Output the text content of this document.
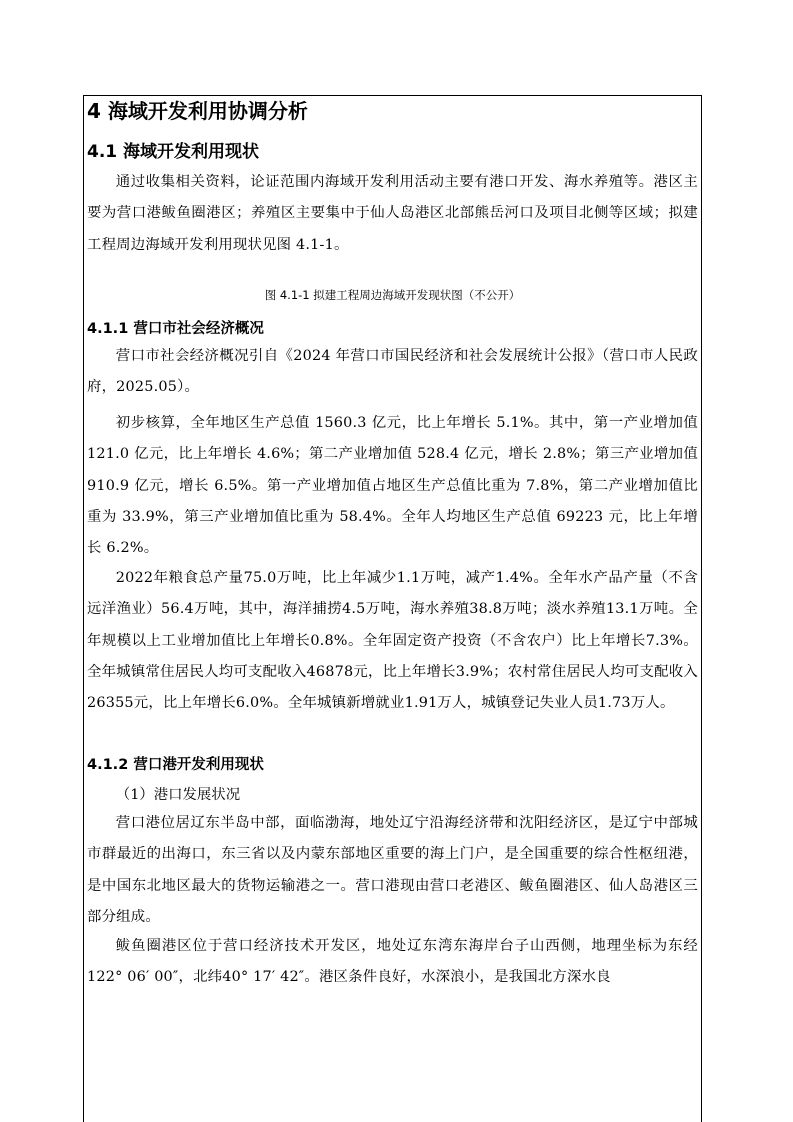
4 海域开发利用协调分析
4.1 海域开发利用现状

通过收集相关资料，论证范围内海域开发利用活动主要有港口开发、海水养殖等。港区主要为营口港鲅鱼圈港区；养殖区主要集中于仙人岛港区北部熊岳河口及项目北侧等区域；拟建工程周边海域开发利用现状见图 4.1-1。

图 4.1-1 拟建工程周边海域开发现状图（不公开）
4.1.1 营口市社会经济概况

营口市社会经济概况引自《2024 年营口市国民经济和社会发展统计公报》（营口市人民政府，2025.05）。

初步核算，全年地区生产总值 1560.3 亿元，比上年增长 5.1%。其中，第一产业增加值 121.0 亿元，比上年增长 4.6%；第二产业增加值 528.4 亿元，增长 2.8%；第三产业增加值 910.9 亿元，增长 6.5%。第一产业增加值占地区生产总值比重为 7.8%，第二产业增加值比重为 33.9%，第三产业增加值比重为 58.4%。全年人均地区生产总值 69223 元，比上年增长 6.2%。

2022年粮食总产量75.0万吨，比上年减少1.1万吨，减产1.4%。全年水产品产量（不含远洋渔业）56.4万吨，其中，海洋捕捞4.5万吨，海水养殖38.8万吨；淡水养殖13.1万吨。全年规模以上工业增加值比上年增长0.8%。全年固定资产投资（不含农户）比上年增长7.3%。全年城镇常住居民人均可支配收入46878元，比上年增长3.9%；农村常住居民人均可支配收入26355元，比上年增长6.0%。全年城镇新增就业1.91万人，城镇登记失业人员1.73万人。

4.1.2 营口港开发利用现状
（1）港口发展状况

营口港位居辽东半岛中部，面临渤海，地处辽宁沿海经济带和沈阳经济区，是辽宁中部城市群最近的出海口，东三省以及内蒙东部地区重要的海上门户，是全国重要的综合性枢纽港，是中国东北地区最大的货物运输港之一。营口港现由营口老港区、鲅鱼圈港区、仙人岛港区三部分组成。

鲅鱼圈港区位于营口经济技术开发区，地处辽东湾东海岸台子山西侧，地理坐标为东经122° 06′ 00″，北纬40° 17′ 42″。港区条件良好，水深浪小，是我国北方深水良
